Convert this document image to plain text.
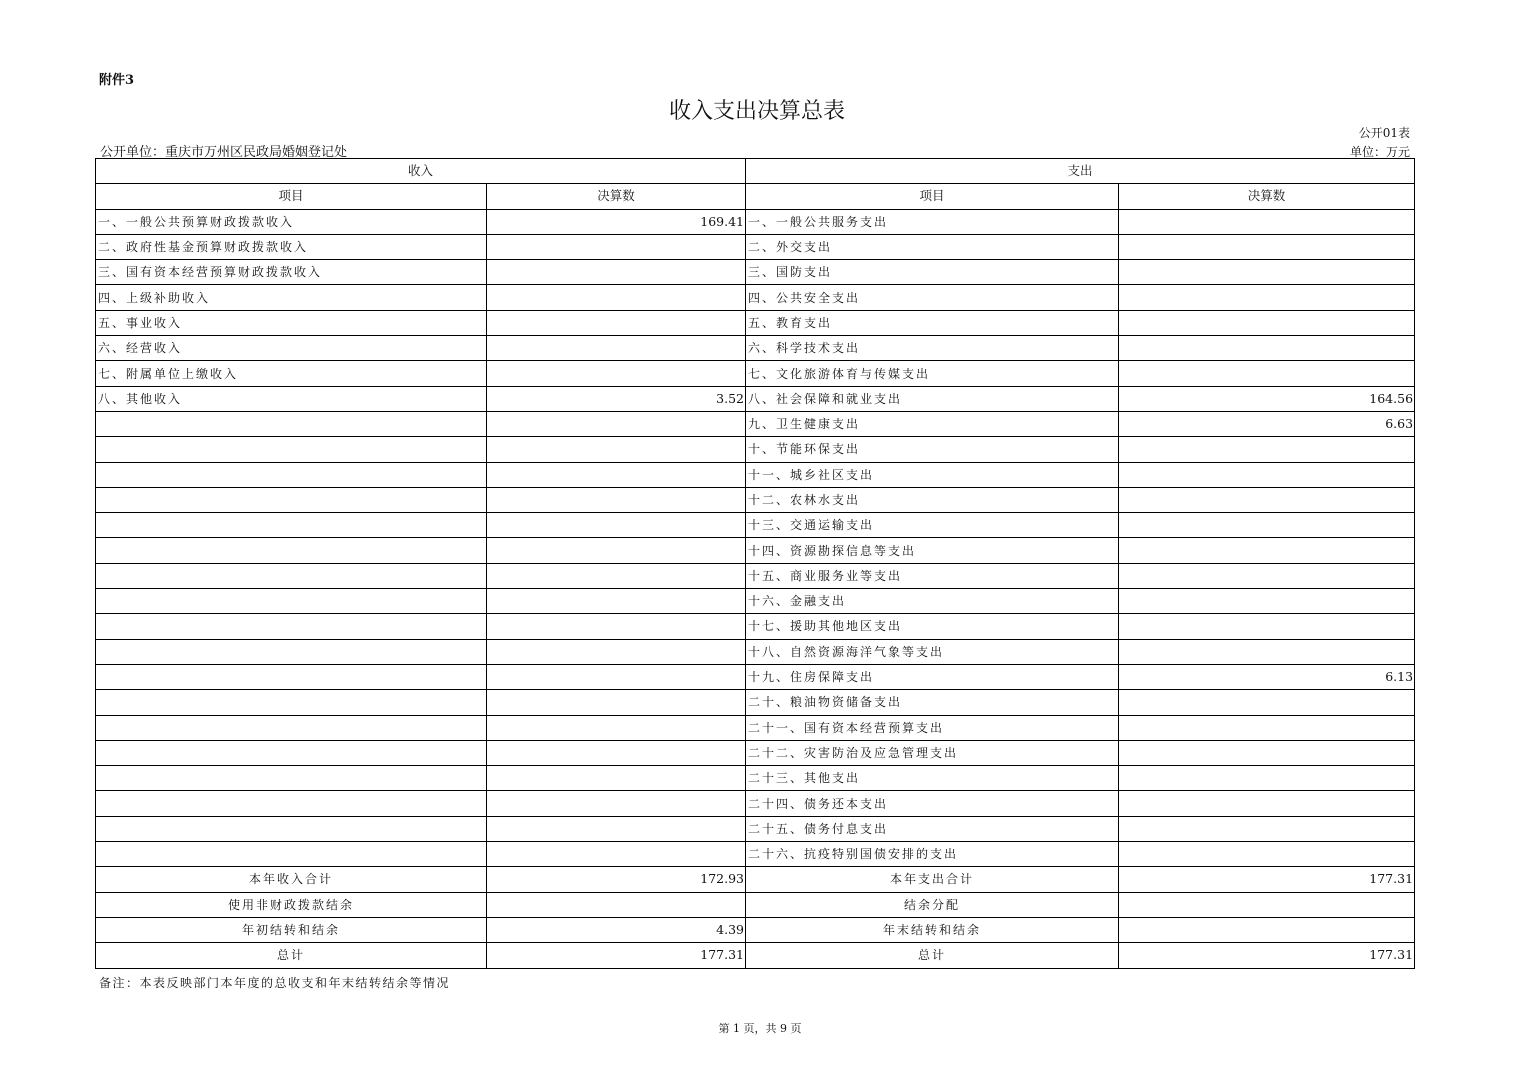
附件3
收入支出决算总表
公开01表
公开单位：重庆市万州区民政局婚姻登记处	单位：万元
收入		支出	
项目	决算数	项目	决算数
一、一般公共预算财政拨款收入	169.41	一、一般公共服务支出	
二、政府性基金预算财政拨款收入		二、外交支出	
三、国有资本经营预算财政拨款收入		三、国防支出	
四、上级补助收入		四、公共安全支出	
五、事业收入		五、教育支出	
六、经营收入		六、科学技术支出	
七、附属单位上缴收入		七、文化旅游体育与传媒支出	
八、其他收入	3.52	八、社会保障和就业支出	164.56
		九、卫生健康支出	6.63
		十、节能环保支出	
		十一、城乡社区支出	
		十二、农林水支出	
		十三、交通运输支出	
		十四、资源勘探信息等支出	
		十五、商业服务业等支出	
		十六、金融支出	
		十七、援助其他地区支出	
		十八、自然资源海洋气象等支出	
		十九、住房保障支出	6.13
		二十、粮油物资储备支出	
		二十一、国有资本经营预算支出	
		二十二、灾害防治及应急管理支出	
		二十三、其他支出	
		二十四、债务还本支出	
		二十五、债务付息支出	
		二十六、抗疫特别国债安排的支出	
本年收入合计	172.93	本年支出合计	177.31
使用非财政拨款结余		结余分配	
年初结转和结余	4.39	年末结转和结余	
总计	177.31	总计	177.31
备注：本表反映部门本年度的总收支和年末结转结余等情况
第 1 页，共 9 页
